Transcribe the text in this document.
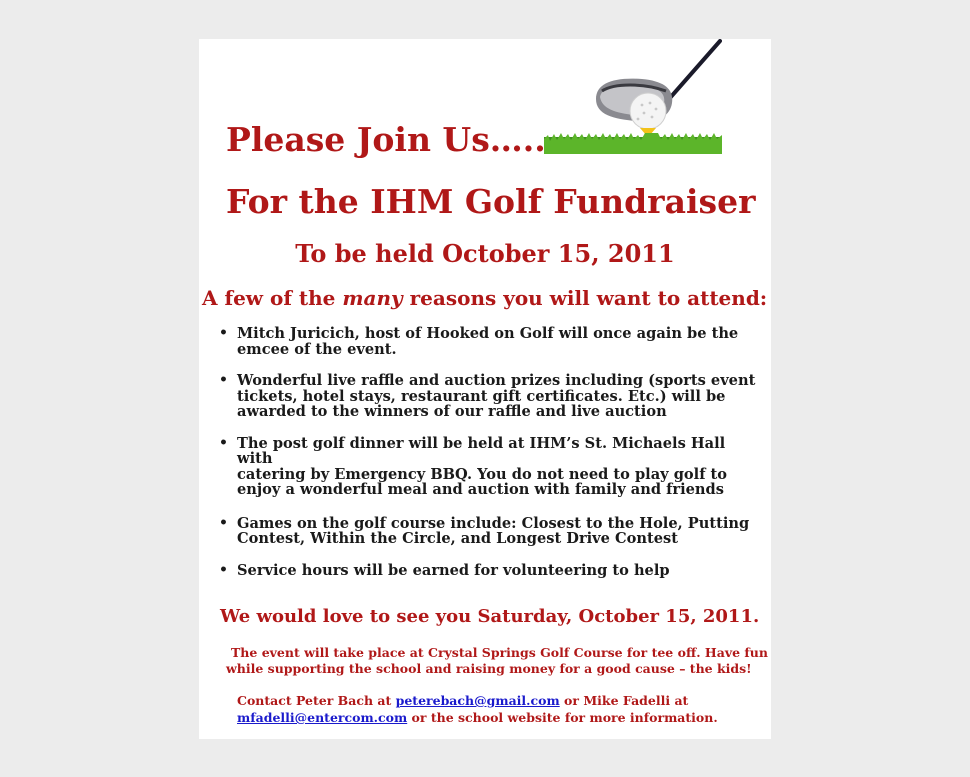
Please Join Us…..
For the IHM Golf Fundraiser
To be held October 15, 2011
A few of the many reasons you will want to attend:
• Mitch Juricich, host of Hooked on Golf will once again be the
emcee of the event.
• Wonderful live raffle and auction prizes including (sports event
tickets, hotel stays, restaurant gift certificates. Etc.) will be
awarded to the winners of our raffle and live auction
• The post golf dinner will be held at IHM’s St. Michaels Hall with
catering by Emergency BBQ. You do not need to play golf to
enjoy a wonderful meal and auction with family and friends
• Games on the golf course include: Closest to the Hole, Putting
Contest, Within the Circle, and Longest Drive Contest
• Service hours will be earned for volunteering to help
We would love to see you Saturday, October 15, 2011.
The event will take place at Crystal Springs Golf Course for tee off. Have fun
while supporting the school and raising money for a good cause – the kids!
Contact Peter Bach at peterebach@gmail.com or Mike Fadelli at
mfadelli@entercom.com or the school website for more information.
